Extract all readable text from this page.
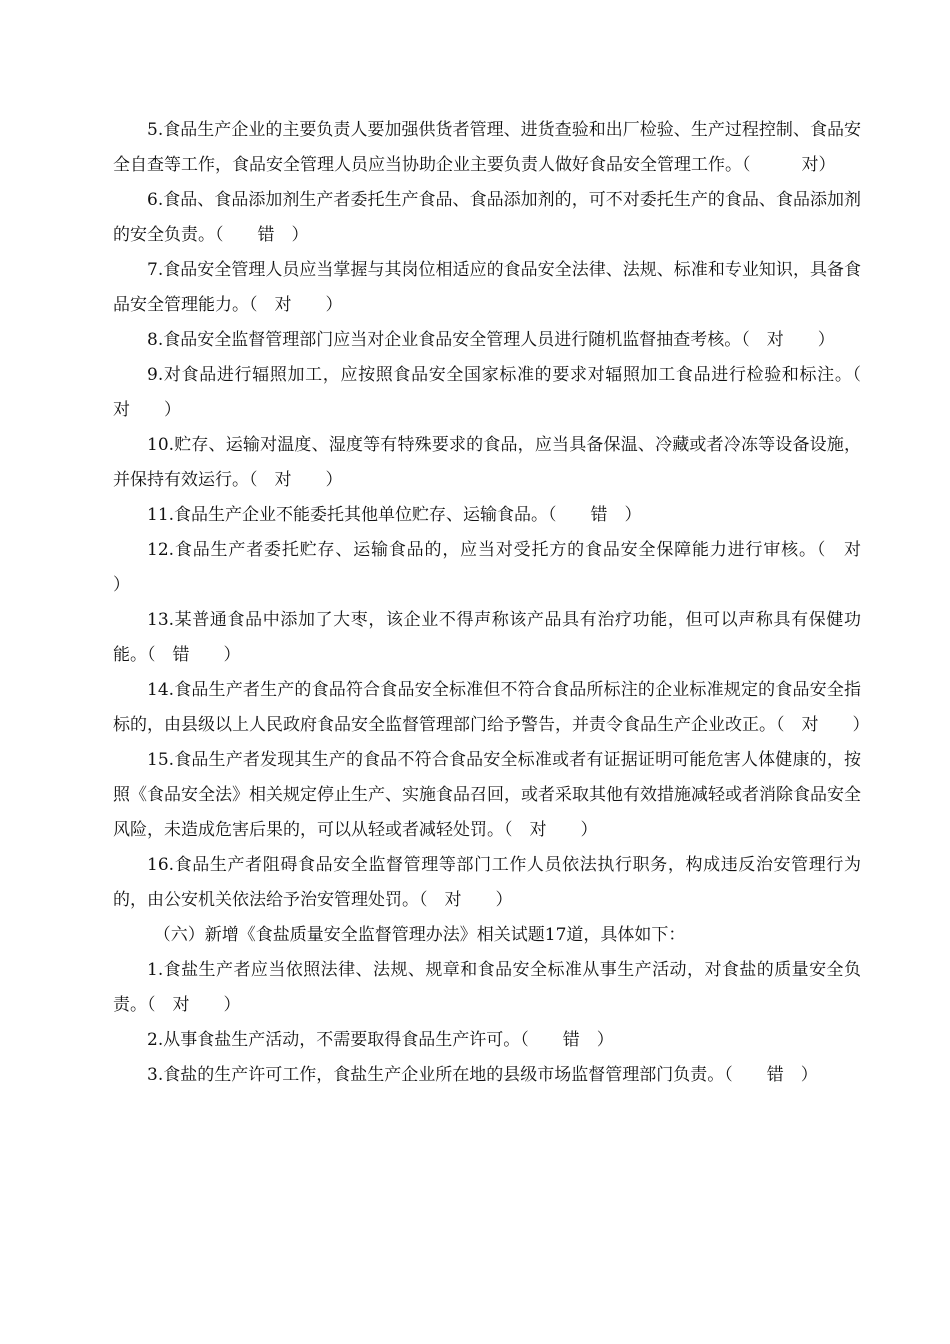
5.食品生产企业的主要负责人要加强供货者管理、进货查验和出厂检验、生产过程控制、食品安全自查等工作，食品安全管理人员应当协助企业主要负责人做好食品安全管理工作。（　　　对）

6.食品、食品添加剂生产者委托生产食品、食品添加剂的，可不对委托生产的食品、食品添加剂的安全负责。（　　错　）

7.食品安全管理人员应当掌握与其岗位相适应的食品安全法律、法规、标准和专业知识，具备食品安全管理能力。（　对　　）

8.食品安全监督管理部门应当对企业食品安全管理人员进行随机监督抽查考核。（　对　　）

9.对食品进行辐照加工，应按照食品安全国家标准的要求对辐照加工食品进行检验和标注。（　对　　）

10.贮存、运输对温度、湿度等有特殊要求的食品，应当具备保温、冷藏或者冷冻等设备设施，并保持有效运行。（　对　　）

11.食品生产企业不能委托其他单位贮存、运输食品。（　　错　）

12.食品生产者委托贮存、运输食品的，应当对受托方的食品安全保障能力进行审核。（　对　　）

13.某普通食品中添加了大枣，该企业不得声称该产品具有治疗功能，但可以声称具有保健功能。（　错　　）

14.食品生产者生产的食品符合食品安全标准但不符合食品所标注的企业标准规定的食品安全指标的，由县级以上人民政府食品安全监督管理部门给予警告，并责令食品生产企业改正。（　对　　）

15.食品生产者发现其生产的食品不符合食品安全标准或者有证据证明可能危害人体健康的，按照《食品安全法》相关规定停止生产、实施食品召回，或者采取其他有效措施减轻或者消除食品安全风险，未造成危害后果的，可以从轻或者减轻处罚。（　对　　）

16.食品生产者阻碍食品安全监督管理等部门工作人员依法执行职务，构成违反治安管理行为的，由公安机关依法给予治安管理处罚。（　对　　）

（六）新增《食盐质量安全监督管理办法》相关试题17道，具体如下：

1.食盐生产者应当依照法律、法规、规章和食品安全标准从事生产活动，对食盐的质量安全负责。（　对　　）

2.从事食盐生产活动，不需要取得食品生产许可。（　　错　）

3.食盐的生产许可工作，食盐生产企业所在地的县级市场监督管理部门负责。（　　错　）
